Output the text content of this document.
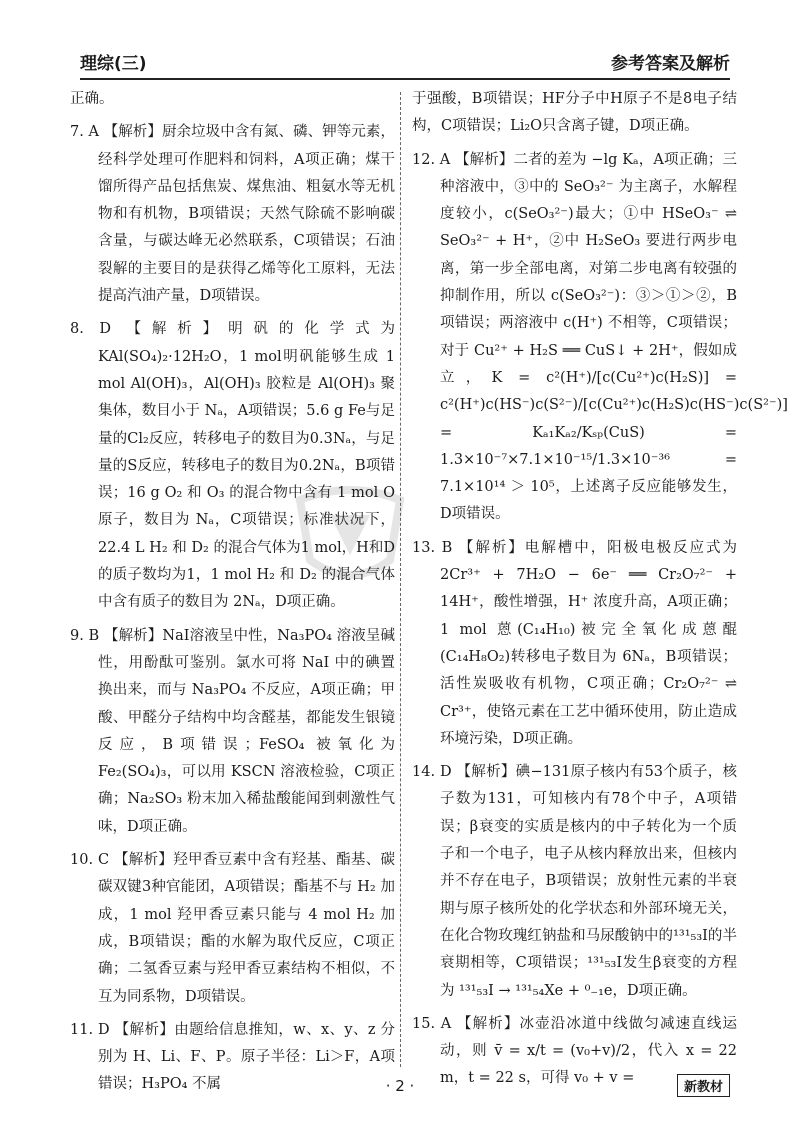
理综(三)	参考答案及解析

正确。

7. A 【解析】厨余垃圾中含有氮、磷、钾等元素，经科学处理可作肥料和饲料，A项正确；煤干馏所得产品包括焦炭、煤焦油、粗氨水等无机物和有机物，B项错误；天然气除硫不影响碳含量，与碳达峰无必然联系，C项错误；石油裂解的主要目的是获得乙烯等化工原料，无法提高汽油产量，D项错误。

8. D 【解析】明矾的化学式为 KAl(SO₄)₂·12H₂O，1 mol明矾能够生成 1 mol Al(OH)₃，Al(OH)₃ 胶粒是 Al(OH)₃ 聚集体，数目小于 Nₐ，A项错误；5.6 g Fe与足量的Cl₂反应，转移电子的数目为0.3Nₐ，与足量的S反应，转移电子的数目为0.2Nₐ，B项错误；16 g O₂ 和 O₃ 的混合物中含有 1 mol O 原子，数目为 Nₐ，C项错误；标准状况下，22.4 L H₂ 和 D₂ 的混合气体为1 mol，H和D的质子数均为1，1 mol H₂ 和 D₂ 的混合气体中含有质子的数目为 2Nₐ，D项正确。

9. B 【解析】NaI溶液呈中性，Na₃PO₄ 溶液呈碱性，用酚酞可鉴别。氯水可将 NaI 中的碘置换出来，而与 Na₃PO₄ 不反应，A项正确；甲酸、甲醛分子结构中均含醛基，都能发生银镜反应，B项错误；FeSO₄ 被氧化为 Fe₂(SO₄)₃，可以用 KSCN 溶液检验，C项正确；Na₂SO₃ 粉末加入稀盐酸能闻到刺激性气味，D项正确。

10. C 【解析】羟甲香豆素中含有羟基、酯基、碳碳双键3种官能团，A项错误；酯基不与 H₂ 加成，1 mol 羟甲香豆素只能与 4 mol H₂ 加成，B项错误；酯的水解为取代反应，C项正确；二氢香豆素与羟甲香豆素结构不相似，不互为同系物，D项错误。

11. D 【解析】由题给信息推知，w、x、y、z 分别为 H、Li、F、P。原子半径：Li＞F，A项错误；H₃PO₄ 不属

于强酸，B项错误；HF分子中H原子不是8电子结构，C项错误；Li₂O只含离子键，D项正确。

12. A 【解析】二者的差为 −lg Kₐ，A项正确；三种溶液中，③中的 SeO₃²⁻ 为主离子，水解程度较小，c(SeO₃²⁻)最大；①中 HSeO₃⁻ ⇌ SeO₃²⁻ + H⁺，②中 H₂SeO₃ 要进行两步电离，第一步全部电离，对第二步电离有较强的抑制作用，所以 c(SeO₃²⁻)：③＞①＞②，B项错误；两溶液中 c(H⁺) 不相等，C项错误；对于 Cu²⁺ + H₂S ══ CuS↓ + 2H⁺，假如成立，K = c²(H⁺)/[c(Cu²⁺)c(H₂S)] = c²(H⁺)c(HS⁻)c(S²⁻)/[c(Cu²⁺)c(H₂S)c(HS⁻)c(S²⁻)] = Kₐ₁Kₐ₂/Kₛₚ(CuS) = 1.3×10⁻⁷×7.1×10⁻¹⁵/1.3×10⁻³⁶ = 7.1×10¹⁴ ＞ 10⁵，上述离子反应能够发生，D项错误。

13. B 【解析】电解槽中，阳极电极反应式为 2Cr³⁺ + 7H₂O − 6e⁻ ══ Cr₂O₇²⁻ + 14H⁺，酸性增强，H⁺ 浓度升高，A项正确；1 mol 蒽(C₁₄H₁₀)被完全氧化成蒽醌(C₁₄H₈O₂)转移电子数目为 6Nₐ，B项错误；活性炭吸收有机物，C项正确；Cr₂O₇²⁻ ⇌ Cr³⁺，使铬元素在工艺中循环使用，防止造成环境污染，D项正确。

14. D 【解析】碘−131原子核内有53个质子，核子数为131，可知核内有78个中子，A项错误；β衰变的实质是核内的中子转化为一个质子和一个电子，电子从核内释放出来，但核内并不存在电子，B项错误；放射性元素的半衰期与原子核所处的化学状态和外部环境无关，在化合物玫瑰红钠盐和马尿酸钠中的¹³¹₅₃I的半衰期相等，C项错误；¹³¹₅₃I发生β衰变的方程为 ¹³¹₅₃I → ¹³¹₅₄Xe + ⁰₋₁e，D项正确。

15. A 【解析】冰壶沿冰道中线做匀减速直线运动，则 v̄ = x/t = (v₀+v)/2，代入 x = 22 m，t = 22 s，可得 v₀ + v =

· 2 ·	新教材
